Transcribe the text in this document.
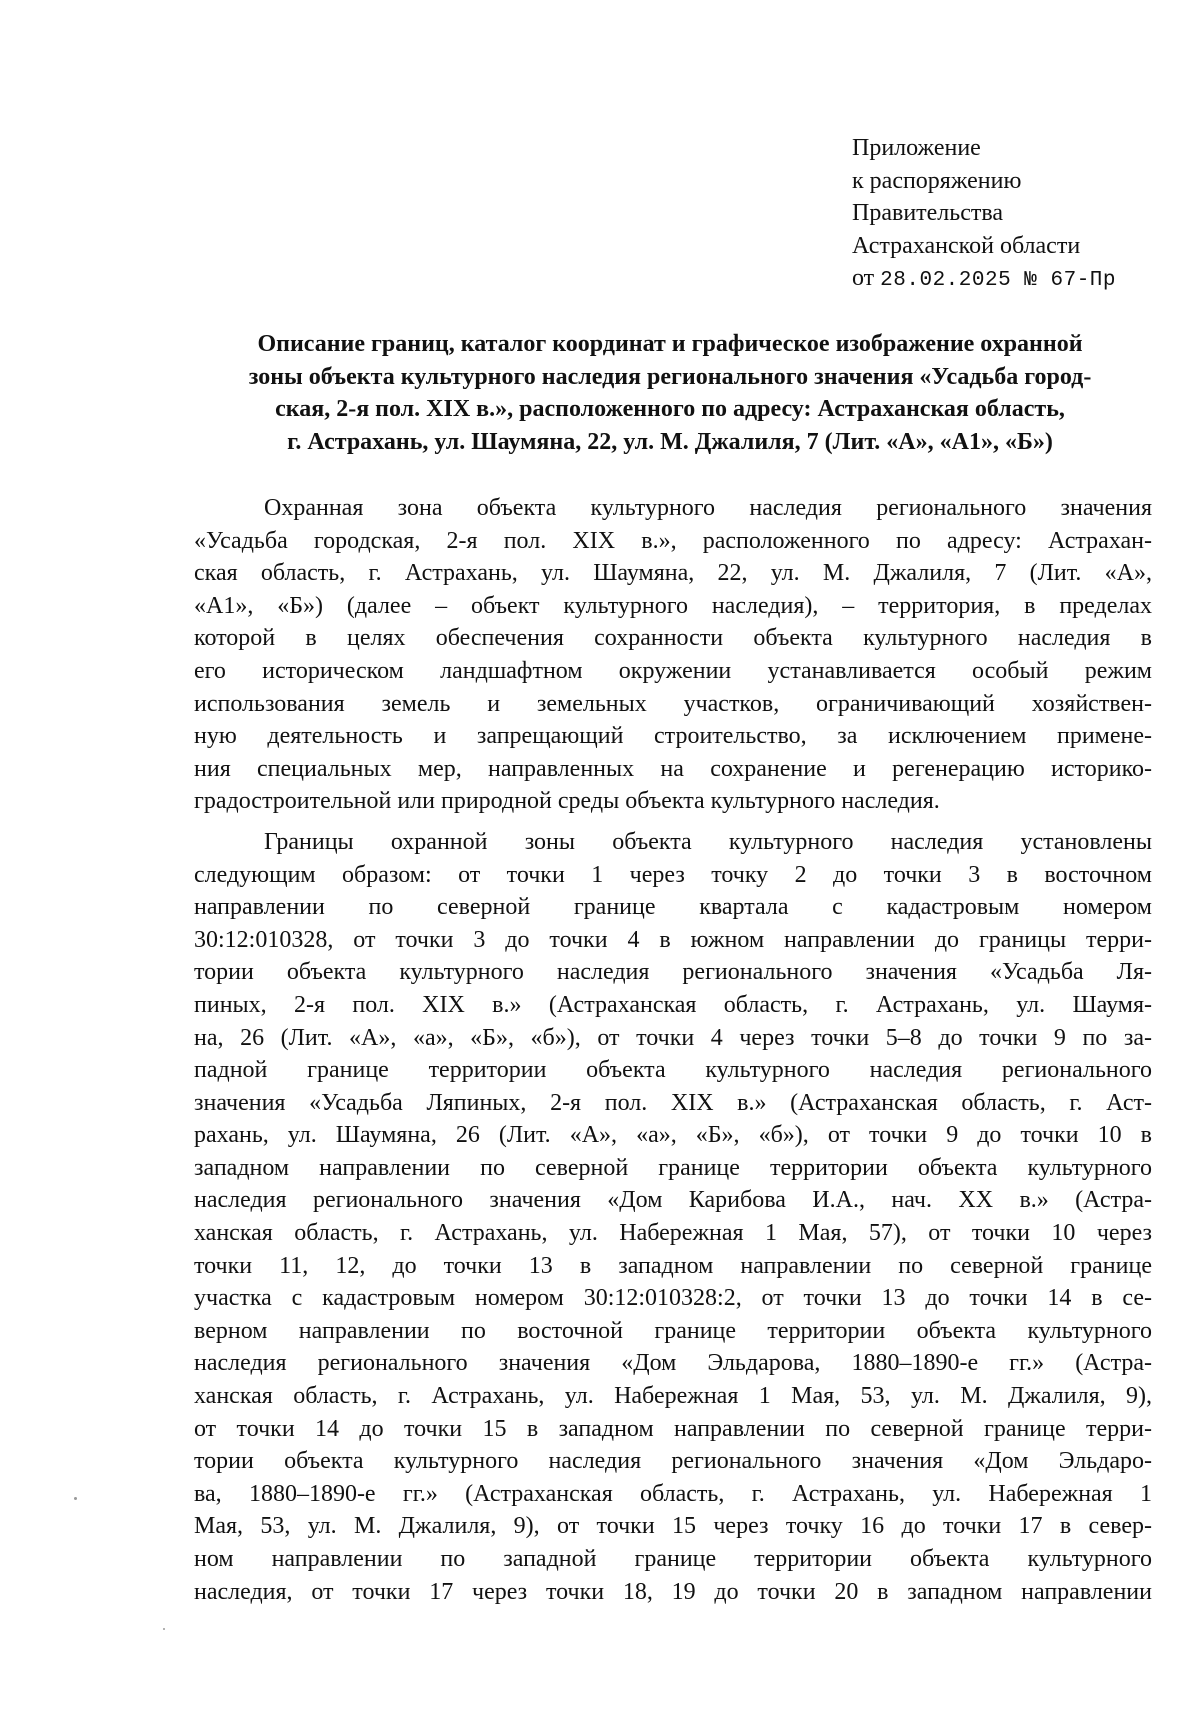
Приложение
к распоряжению
Правительства
Астраханской области
от 28.02.2025 № 67-Пр
Описание границ, каталог координат и графическое изображение охранной
зоны объекта культурного наследия регионального значения «Усадьба город-
ская, 2-я пол. XIX в.», расположенного по адресу: Астраханская область,
г. Астрахань, ул. Шаумяна, 22, ул. М. Джалиля, 7 (Лит. «А», «А1», «Б»)
Охранная зона объекта культурного наследия регионального значения
«Усадьба городская, 2-я пол. XIX в.», расположенного по адресу: Астрахан-
ская область, г. Астрахань, ул. Шаумяна, 22, ул. М. Джалиля, 7 (Лит. «А»,
«А1», «Б») (далее – объект культурного наследия), – территория, в пределах
которой в целях обеспечения сохранности объекта культурного наследия в
его историческом ландшафтном окружении устанавливается особый режим
использования земель и земельных участков, ограничивающий хозяйствен-
ную деятельность и запрещающий строительство, за исключением примене-
ния специальных мер, направленных на сохранение и регенерацию историко-
градостроительной или природной среды объекта культурного наследия.
Границы охранной зоны объекта культурного наследия установлены
следующим образом: от точки 1 через точку 2 до точки 3 в восточном
направлении по северной границе квартала с кадастровым номером
30:12:010328, от точки 3 до точки 4 в южном направлении до границы терри-
тории объекта культурного наследия регионального значения «Усадьба Ля-
пиных, 2-я пол. XIX в.» (Астраханская область, г. Астрахань, ул. Шаумя-
на, 26 (Лит. «А», «а», «Б», «б»), от точки 4 через точки 5–8 до точки 9 по за-
падной границе территории объекта культурного наследия регионального
значения «Усадьба Ляпиных, 2-я пол. XIX в.» (Астраханская область, г. Аст-
рахань, ул. Шаумяна, 26 (Лит. «А», «а», «Б», «б»), от точки 9 до точки 10 в
западном направлении по северной границе территории объекта культурного
наследия регионального значения «Дом Карибова И.А., нач. XX в.» (Астра-
ханская область, г. Астрахань, ул. Набережная 1 Мая, 57), от точки 10 через
точки 11, 12, до точки 13 в западном направлении по северной границе
участка с кадастровым номером 30:12:010328:2, от точки 13 до точки 14 в се-
верном направлении по восточной границе территории объекта культурного
наследия регионального значения «Дом Эльдарова, 1880–1890-е гг.» (Астра-
ханская область, г. Астрахань, ул. Набережная 1 Мая, 53, ул. М. Джалиля, 9),
от точки 14 до точки 15 в западном направлении по северной границе терри-
тории объекта культурного наследия регионального значения «Дом Эльдаро-
ва, 1880–1890-е гг.» (Астраханская область, г. Астрахань, ул. Набережная 1
Мая, 53, ул. М. Джалиля, 9), от точки 15 через точку 16 до точки 17 в север-
ном направлении по западной границе территории объекта культурного
наследия, от точки 17 через точки 18, 19 до точки 20 в западном направлении
